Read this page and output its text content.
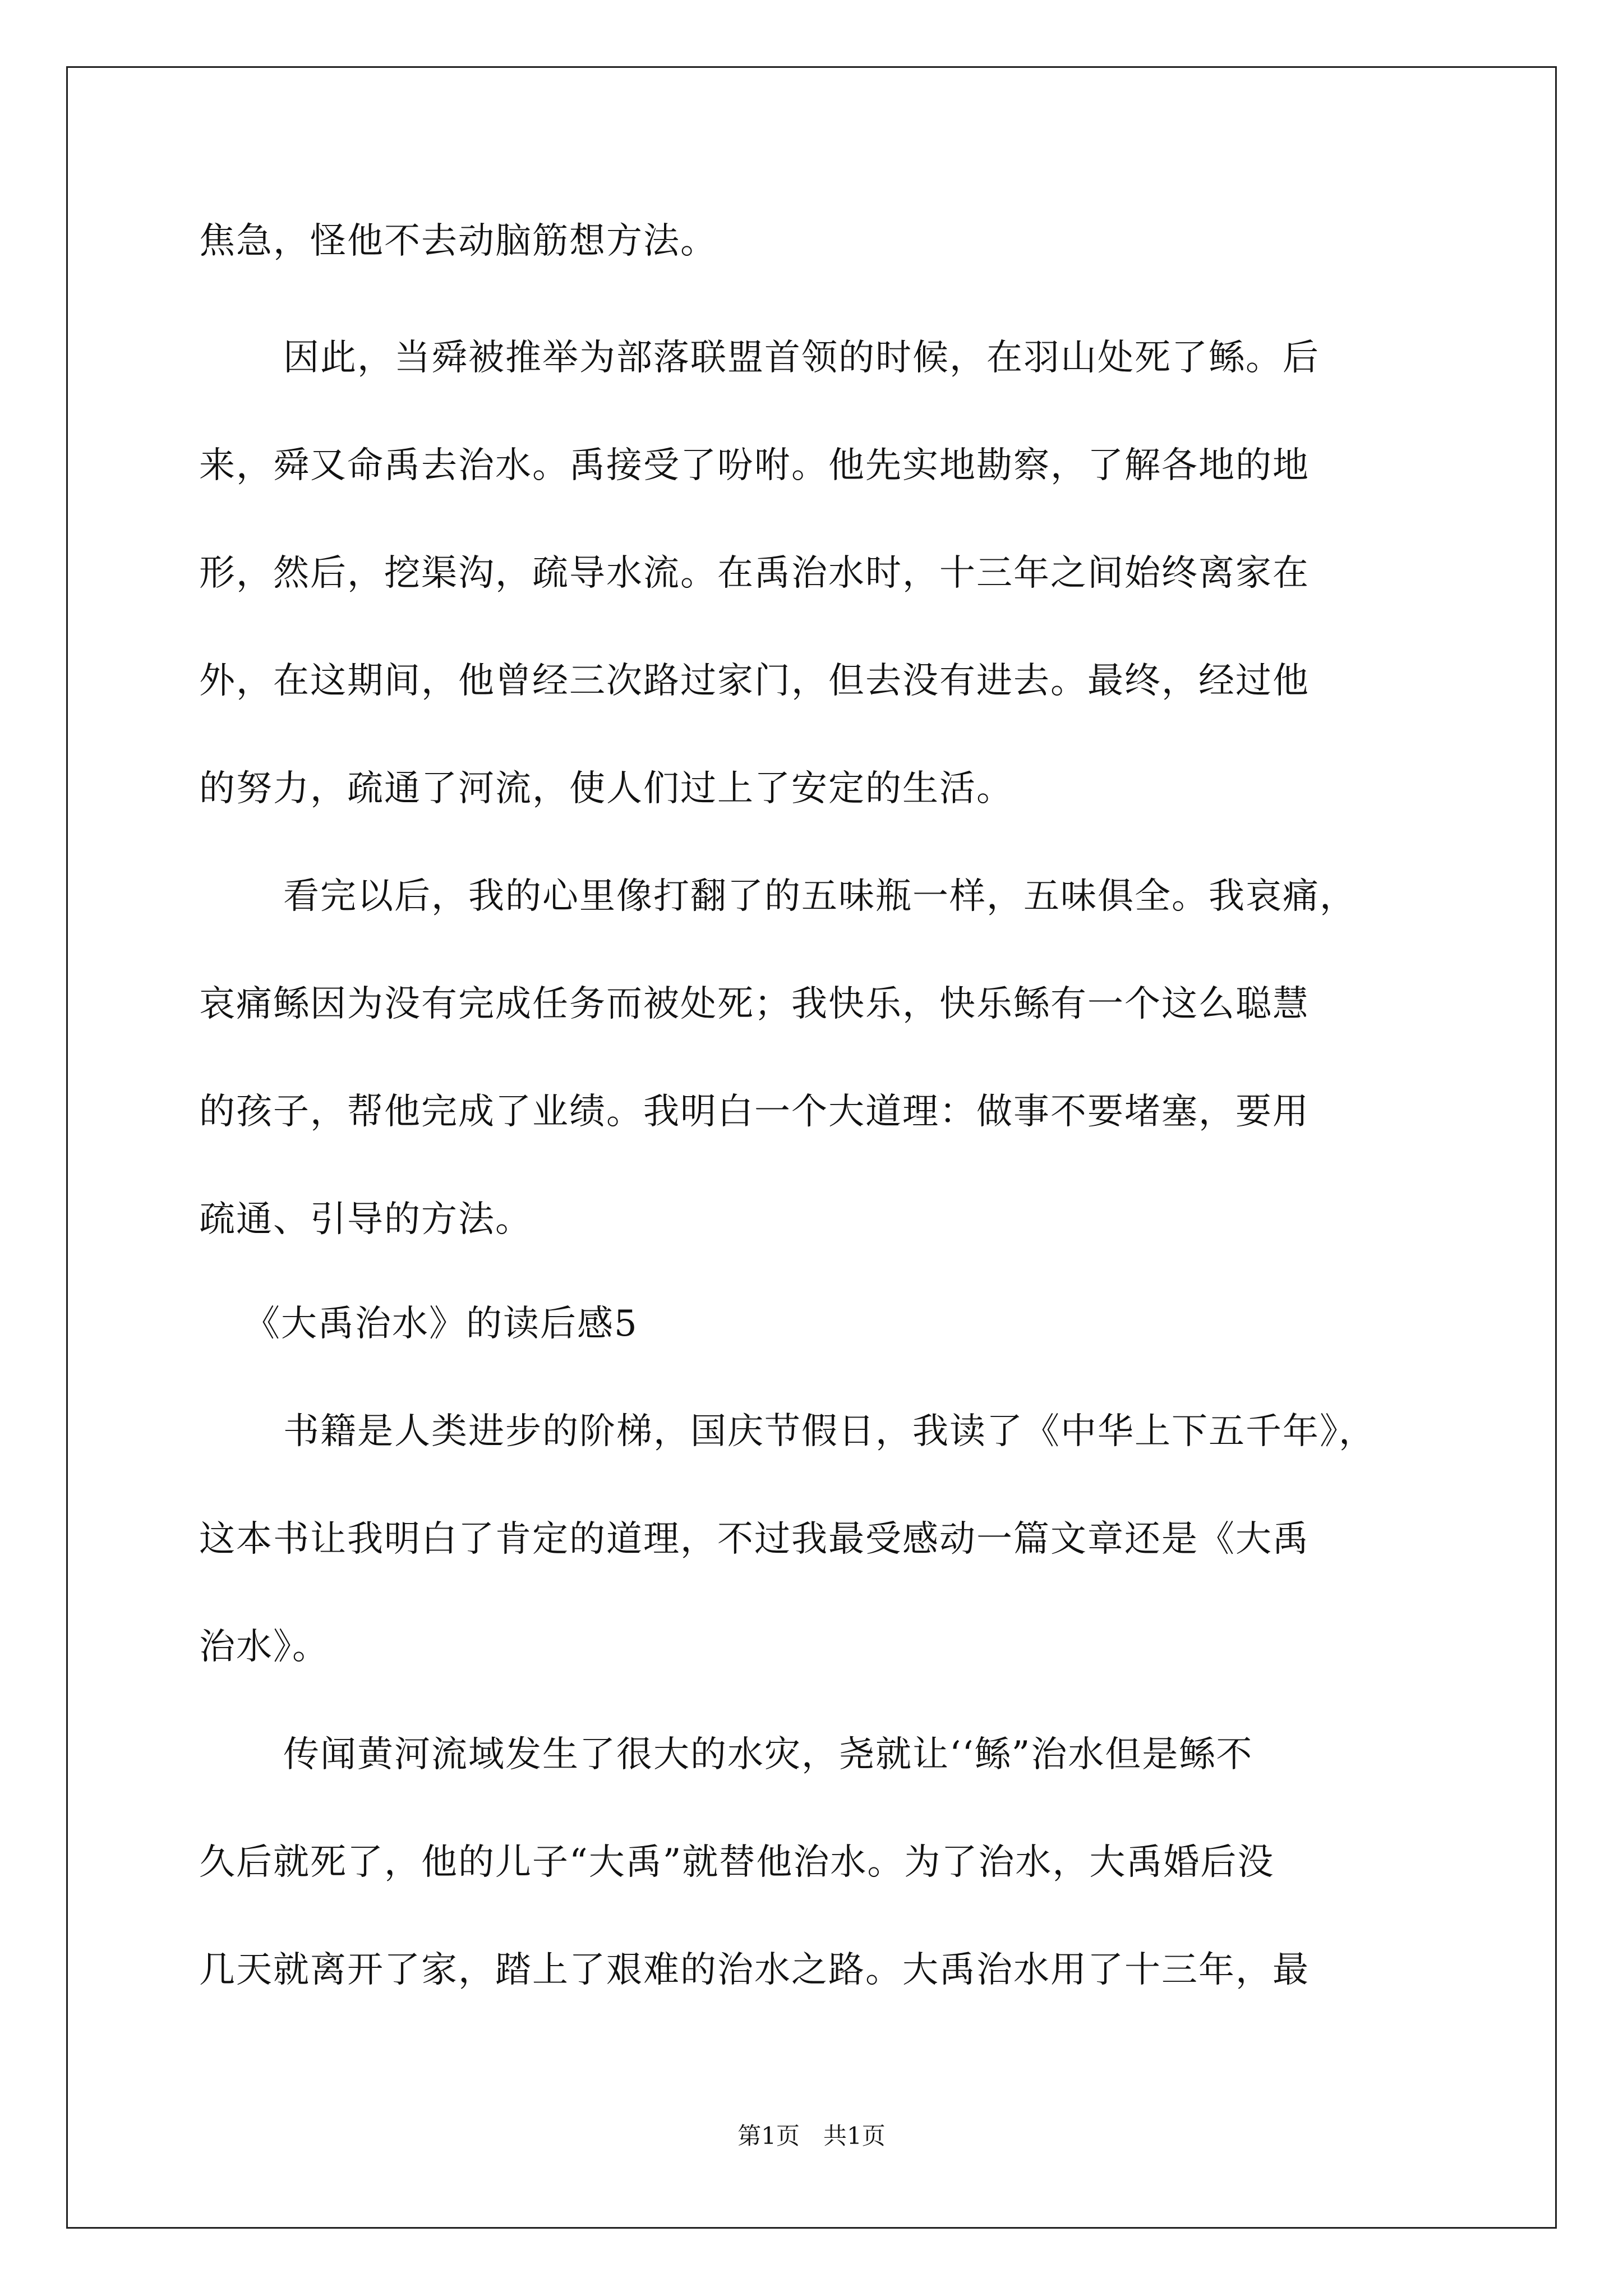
焦急，怪他不去动脑筋想方法。
因此，当舜被推举为部落联盟首领的时候，在羽山处死了鲧。后
来，舜又命禹去治水。禹接受了吩咐。他先实地勘察，了解各地的地
形，然后，挖渠沟，疏导水流。在禹治水时，十三年之间始终离家在
外，在这期间，他曾经三次路过家门，但去没有进去。最终，经过他
的努力，疏通了河流，使人们过上了安定的生活。
看完以后，我的心里像打翻了的五味瓶一样，五味俱全。我哀痛，
哀痛鲧因为没有完成任务而被处死；我快乐，快乐鲧有一个这么聪慧
的孩子，帮他完成了业绩。我明白一个大道理：做事不要堵塞，要用
疏通、引导的方法。
《大禹治水》的读后感5
书籍是人类进步的阶梯，国庆节假日，我读了《中华上下五千年》，
这本书让我明白了肯定的道理，不过我最受感动一篇文章还是《大禹
治水》。
传闻黄河流域发生了很大的水灾，尧就让‘‘鲧”治水但是鲧不
久后就死了，他的儿子“大禹”就替他治水。为了治水，大禹婚后没
几天就离开了家，踏上了艰难的治水之路。大禹治水用了十三年，最
第1页　共1页
